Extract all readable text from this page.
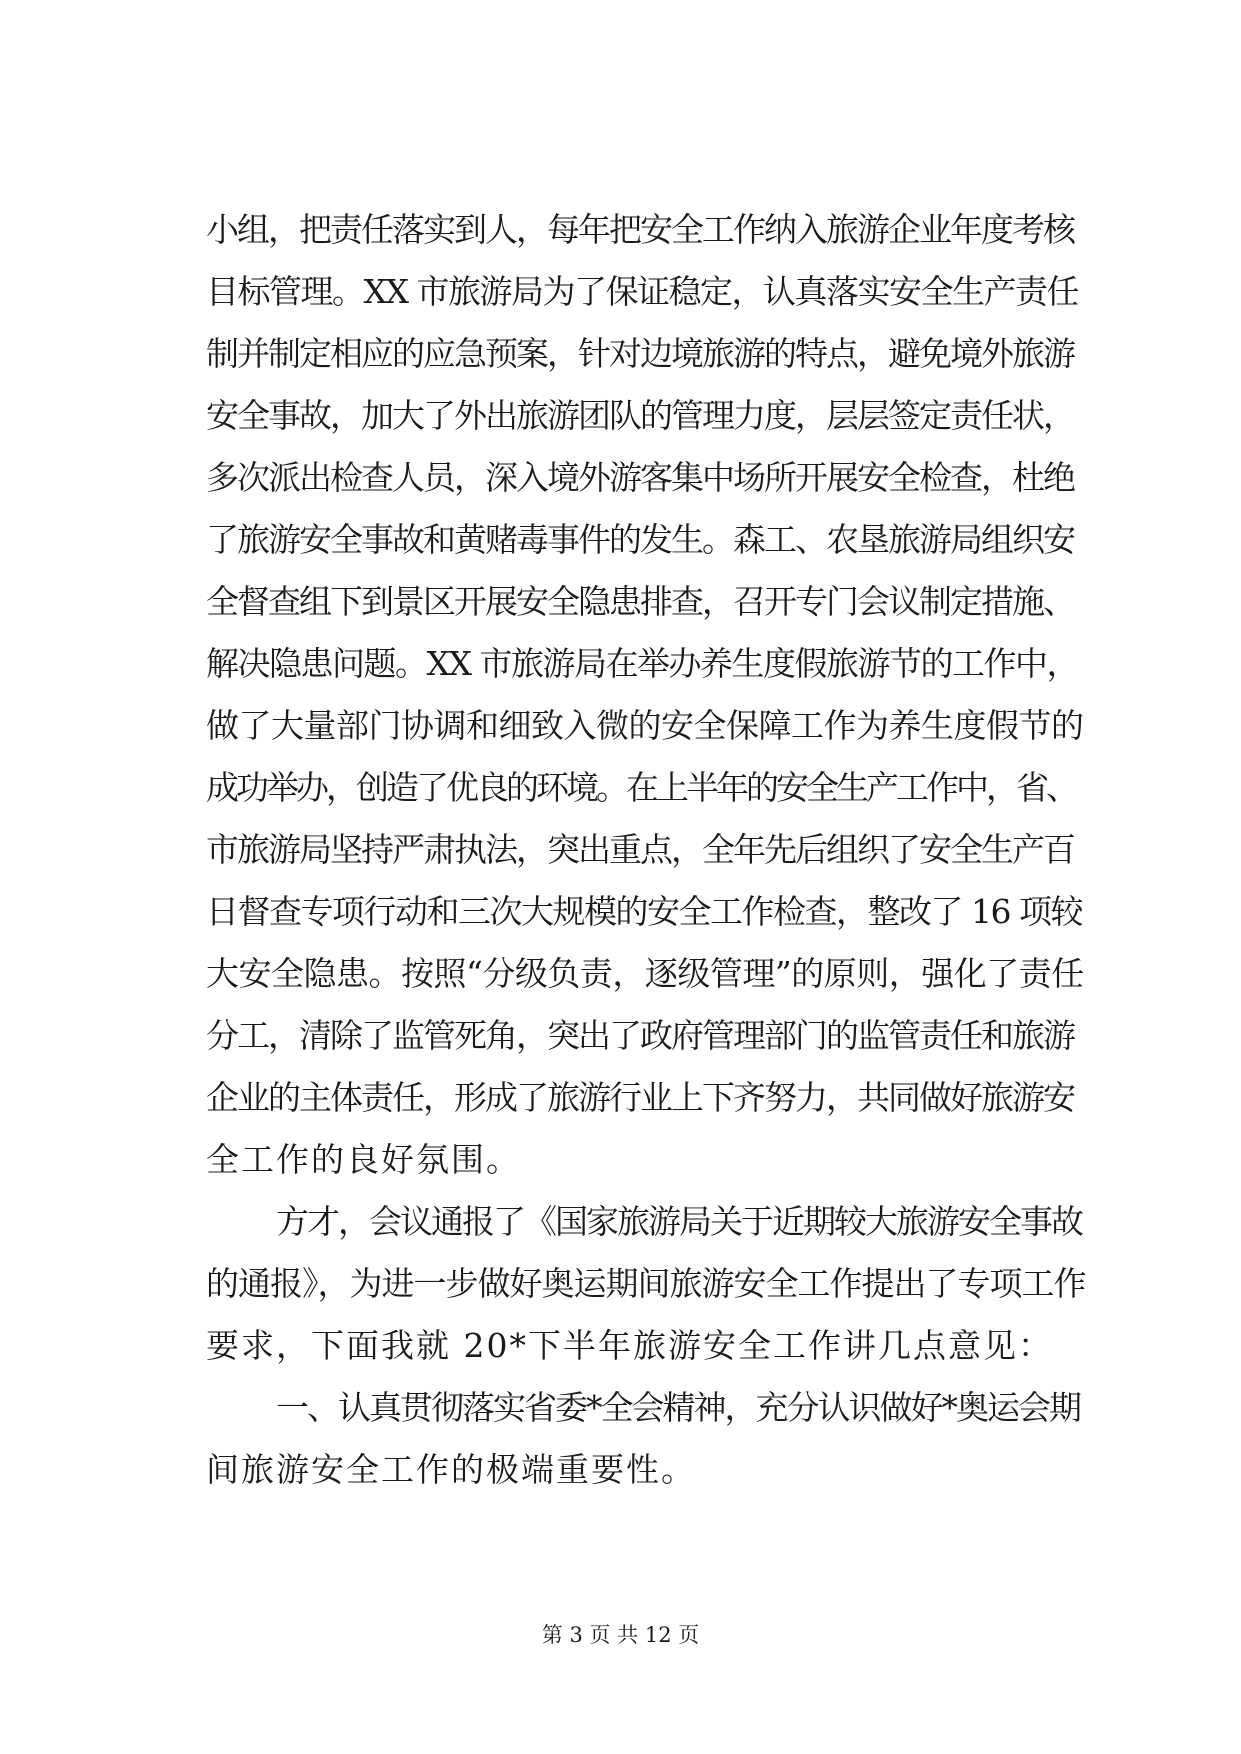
小组，把责任落实到人，每年把安全工作纳入旅游企业年度考核
目标管理。XX 市旅游局为了保证稳定，认真落实安全生产责任
制并制定相应的应急预案，针对边境旅游的特点，避免境外旅游
安全事故，加大了外出旅游团队的管理力度，层层签定责任状，
多次派出检查人员，深入境外游客集中场所开展安全检查，杜绝
了旅游安全事故和黄赌毒事件的发生。森工、农垦旅游局组织安
全督查组下到景区开展安全隐患排查，召开专门会议制定措施、
解决隐患问题。XX 市旅游局在举办养生度假旅游节的工作中，
做了大量部门协调和细致入微的安全保障工作为养生度假节的
成功举办，创造了优良的环境。在上半年的安全生产工作中，省、
市旅游局坚持严肃执法，突出重点，全年先后组织了安全生产百
日督查专项行动和三次大规模的安全工作检查，整改了 16 项较
大安全隐患。按照“分级负责，逐级管理”的原则，强化了责任
分工，清除了监管死角，突出了政府管理部门的监管责任和旅游
企业的主体责任，形成了旅游行业上下齐努力，共同做好旅游安
全工作的良好氛围。
方才，会议通报了《国家旅游局关于近期较大旅游安全事故
的通报》，为进一步做好奥运期间旅游安全工作提出了专项工作
要求，下面我就 20*下半年旅游安全工作讲几点意见：
一、认真贯彻落实省委*全会精神，充分认识做好*奥运会期
间旅游安全工作的极端重要性。
第 3 页 共 12 页
